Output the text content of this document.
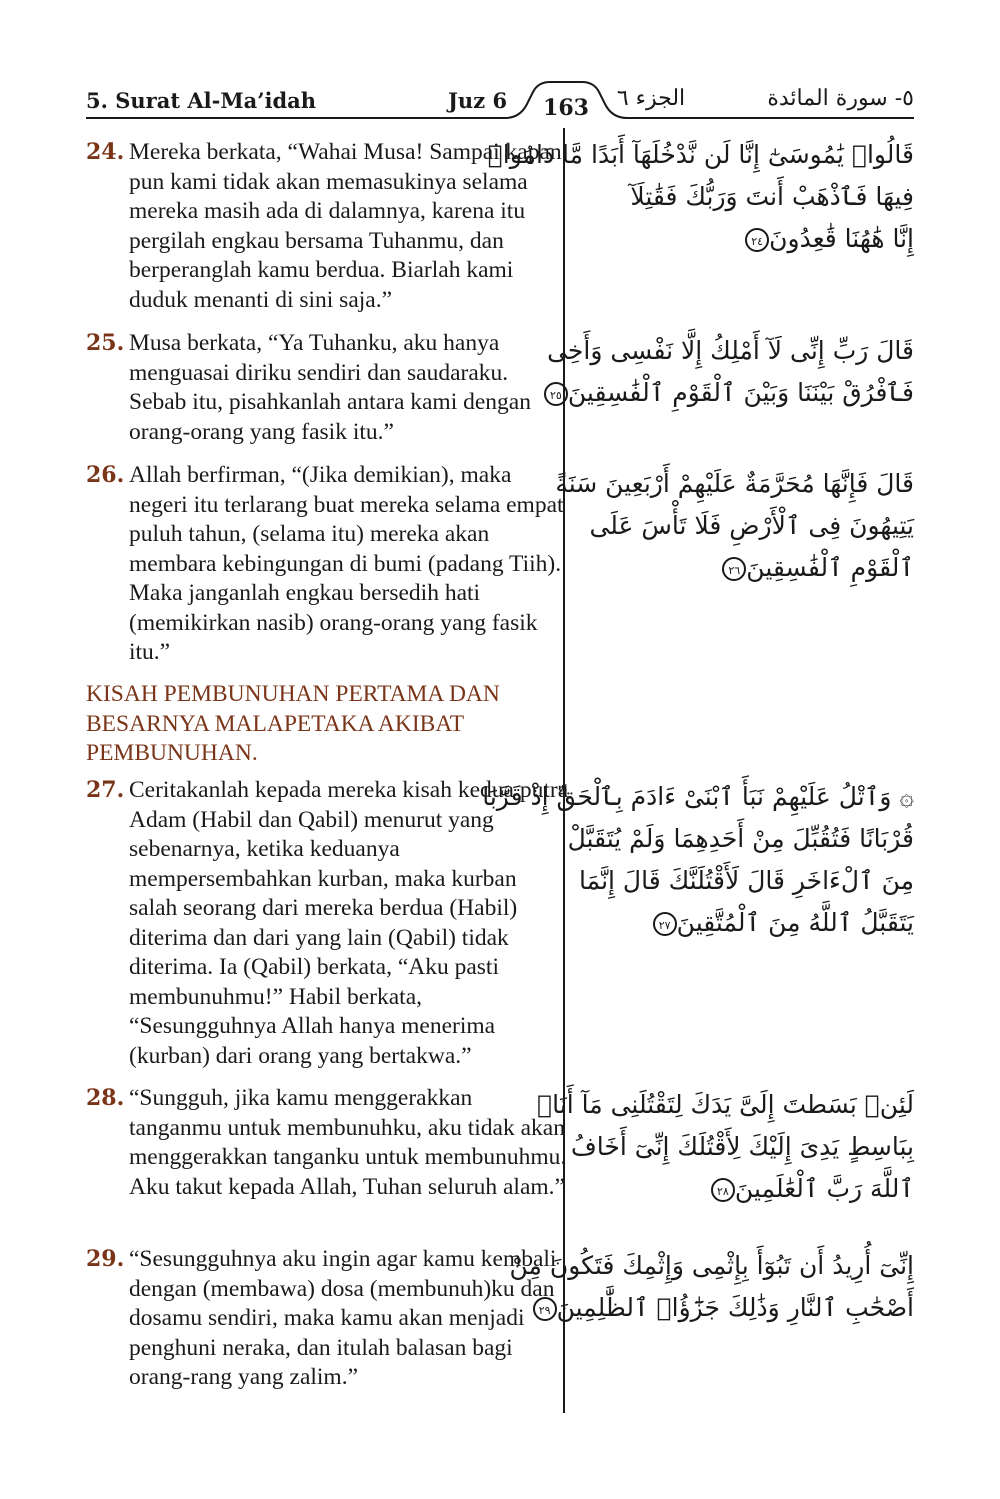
5. Surat Al-Ma’idah	Juz 6	163	الجزء ٦	٥- سورة المائدة
24. Mereka berkata, “Wahai Musa! Sampai kapan pun kami tidak akan memasukinya selama mereka masih ada di dalamnya, karena itu pergilah engkau bersama Tuhanmu, dan berperanglah kamu berdua. Biarlah kami duduk menanti di sini saja.”

قَالُوا۟ يَٰمُوسَىٰٓ إِنَّا لَن نَّدْخُلَهَآ أَبَدًا مَّا دَامُوا۟
فِيهَا فَٱذْهَبْ أَنتَ وَرَبُّكَ فَقَٰتِلَآ
إِنَّا هَٰهُنَا قَٰعِدُونَ٢٤
25. Musa berkata, “Ya Tuhanku, aku hanya menguasai diriku sendiri dan saudaraku. Sebab itu, pisahkanlah antara kami dengan orang-orang yang fasik itu.”

قَالَ رَبِّ إِنِّى لَآ أَمْلِكُ إِلَّا نَفْسِى وَأَخِى
فَٱفْرُقْ بَيْنَنَا وَبَيْنَ ٱلْقَوْمِ ٱلْفَٰسِقِينَ٢٥
26. Allah berfirman, “(Jika demikian), maka negeri itu terlarang buat mereka selama empat puluh tahun, (selama itu) mereka akan membara kebingungan di bumi (padang Tiih). Maka janganlah engkau bersedih hati (memikirkan nasib) orang-orang yang fasik itu.”

قَالَ فَإِنَّهَا مُحَرَّمَةٌ عَلَيْهِمْ أَرْبَعِينَ سَنَةً
يَتِيهُونَ فِى ٱلْأَرْضِ فَلَا تَأْسَ عَلَى
ٱلْقَوْمِ ٱلْفَٰسِقِينَ٢٦
KISAH PEMBUNUHAN PERTAMA DAN
BESARNYA MALAPETAKA AKIBAT
PEMBUNUHAN.
27. Ceritakanlah kepada mereka kisah kedua putra Adam (Habil dan Qabil) menurut yang sebenarnya, ketika keduanya mempersembahkan kurban, maka kurban salah seorang dari mereka berdua (Habil) diterima dan dari yang lain (Qabil) tidak diterima. Ia (Qabil) berkata, “Aku pasti membunuhmu!” Habil berkata, “Sesungguhnya Allah hanya menerima (kurban) dari orang yang bertakwa.”

۞ وَٱتْلُ عَلَيْهِمْ نَبَأَ ٱبْنَىْ ءَادَمَ بِٱلْحَقِّ إِذْ قَرَّبَا
قُرْبَانًا فَتُقُبِّلَ مِنْ أَحَدِهِمَا وَلَمْ يُتَقَبَّلْ
مِنَ ٱلْءَاخَرِ قَالَ لَأَقْتُلَنَّكَ قَالَ إِنَّمَا
يَتَقَبَّلُ ٱللَّهُ مِنَ ٱلْمُتَّقِينَ٢٧
28. “Sungguh, jika kamu menggerakkan tanganmu untuk membunuhku, aku tidak akan menggerakkan tanganku untuk membunuhmu. Aku takut kepada Allah, Tuhan seluruh alam.”

لَئِنۢ بَسَطتَ إِلَىَّ يَدَكَ لِتَقْتُلَنِى مَآ أَنَا۠
بِبَاسِطٍ يَدِىَ إِلَيْكَ لِأَقْتُلَكَ إِنِّىٓ أَخَافُ
ٱللَّهَ رَبَّ ٱلْعَٰلَمِينَ٢٨
29. “Sesungguhnya aku ingin agar kamu kembali dengan (membawa) dosa (membunuh)ku dan dosamu sendiri, maka kamu akan menjadi penghuni neraka, dan itulah balasan bagi orang-rang yang zalim.”

إِنِّىٓ أُرِيدُ أَن تَبُوٓأَ بِإِثْمِى وَإِثْمِكَ فَتَكُونَ مِنْ
أَصْحَٰبِ ٱلنَّارِ وَذَٰلِكَ جَزَٰٓؤُا۟ ٱلظَّٰلِمِينَ٢٩
